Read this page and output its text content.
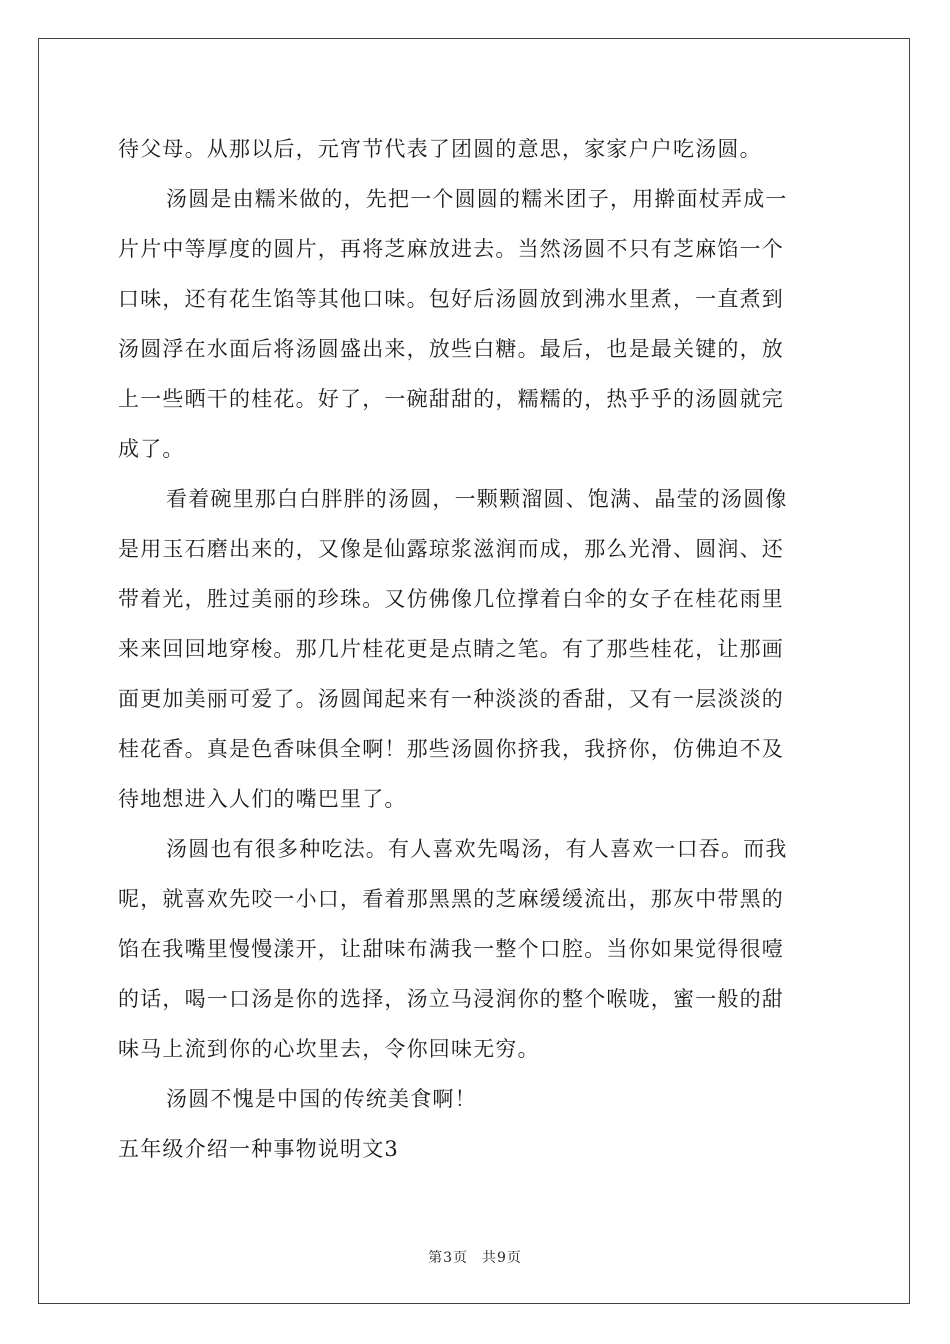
待父母。从那以后，元宵节代表了团圆的意思，家家户户吃汤圆。
汤圆是由糯米做的，先把一个圆圆的糯米团子，用擀面杖弄成一
片片中等厚度的圆片，再将芝麻放进去。当然汤圆不只有芝麻馅一个
口味，还有花生馅等其他口味。包好后汤圆放到沸水里煮，一直煮到
汤圆浮在水面后将汤圆盛出来，放些白糖。最后，也是最关键的，放
上一些晒干的桂花。好了，一碗甜甜的，糯糯的，热乎乎的汤圆就完
成了。
看着碗里那白白胖胖的汤圆，一颗颗溜圆、饱满、晶莹的汤圆像
是用玉石磨出来的，又像是仙露琼浆滋润而成，那么光滑、圆润、还
带着光，胜过美丽的珍珠。又仿佛像几位撑着白伞的女子在桂花雨里
来来回回地穿梭。那几片桂花更是点睛之笔。有了那些桂花，让那画
面更加美丽可爱了。汤圆闻起来有一种淡淡的香甜，又有一层淡淡的
桂花香。真是色香味俱全啊！那些汤圆你挤我，我挤你，仿佛迫不及
待地想进入人们的嘴巴里了。
汤圆也有很多种吃法。有人喜欢先喝汤，有人喜欢一口吞。而我
呢，就喜欢先咬一小口，看着那黑黑的芝麻缓缓流出，那灰中带黑的
馅在我嘴里慢慢漾开，让甜味布满我一整个口腔。当你如果觉得很噎
的话，喝一口汤是你的选择，汤立马浸润你的整个喉咙，蜜一般的甜
味马上流到你的心坎里去，令你回味无穷。
汤圆不愧是中国的传统美食啊！
五年级介绍一种事物说明文3
第3页 共9页
